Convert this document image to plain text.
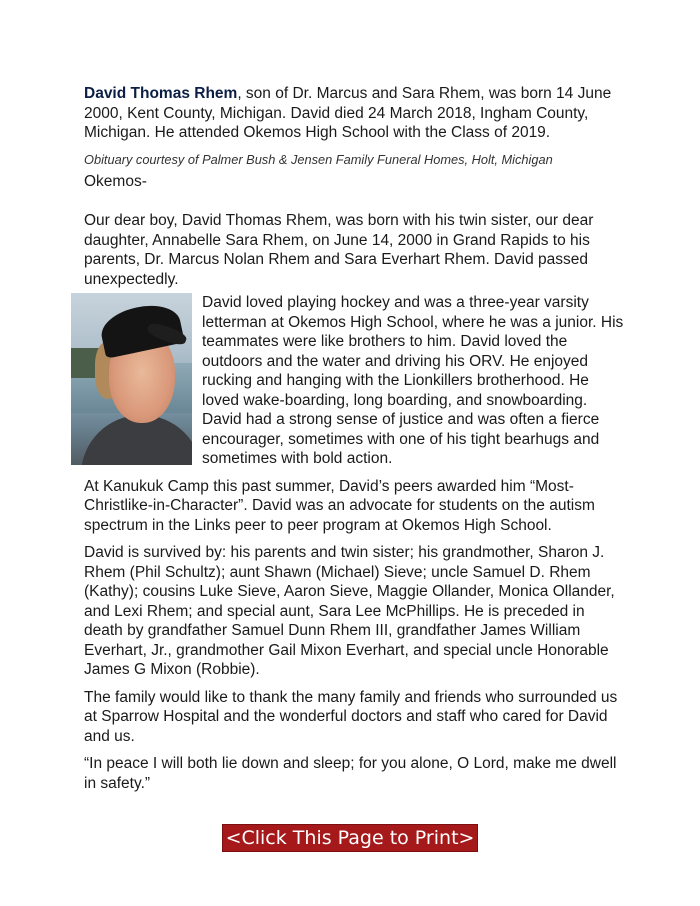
David Thomas Rhem, son of Dr. Marcus and Sara Rhem, was born 14 June 2000, Kent County, Michigan. David died 24 March 2018, Ingham County, Michigan. He attended Okemos High School with the Class of 2019.

Obituary courtesy of Palmer Bush & Jensen Family Funeral Homes, Holt, Michigan

Okemos-

Our dear boy, David Thomas Rhem, was born with his twin sister, our dear daughter, Annabelle Sara Rhem, on June 14, 2000 in Grand Rapids to his parents, Dr. Marcus Nolan Rhem and Sara Everhart Rhem. David passed unexpectedly.

David loved playing hockey and was a three-year varsity letterman at Okemos High School, where he was a junior. His teammates were like brothers to him. David loved the outdoors and the water and driving his ORV. He enjoyed rucking and hanging with the Lionkillers brotherhood. He loved wake-boarding, long boarding, and snowboarding. David had a strong sense of justice and was often a fierce encourager, sometimes with one of his tight bearhugs and sometimes with bold action.

At Kanukuk Camp this past summer, David’s peers awarded him “Most-Christlike-in-Character”. David was an advocate for students on the autism spectrum in the Links peer to peer program at Okemos High School.

David is survived by: his parents and twin sister; his grandmother, Sharon J. Rhem (Phil Schultz); aunt Shawn (Michael) Sieve; uncle Samuel D. Rhem (Kathy); cousins Luke Sieve, Aaron Sieve, Maggie Ollander, Monica Ollander, and Lexi Rhem; and special aunt, Sara Lee McPhillips. He is preceded in death by grandfather Samuel Dunn Rhem III, grandfather James William Everhart, Jr., grandmother Gail Mixon Everhart, and special uncle Honorable James G Mixon (Robbie).

The family would like to thank the many family and friends who surrounded us at Sparrow Hospital and the wonderful doctors and staff who cared for David and us.

“In peace I will both lie down and sleep; for you alone, O Lord, make me dwell in safety.”

<Click This Page to Print>
